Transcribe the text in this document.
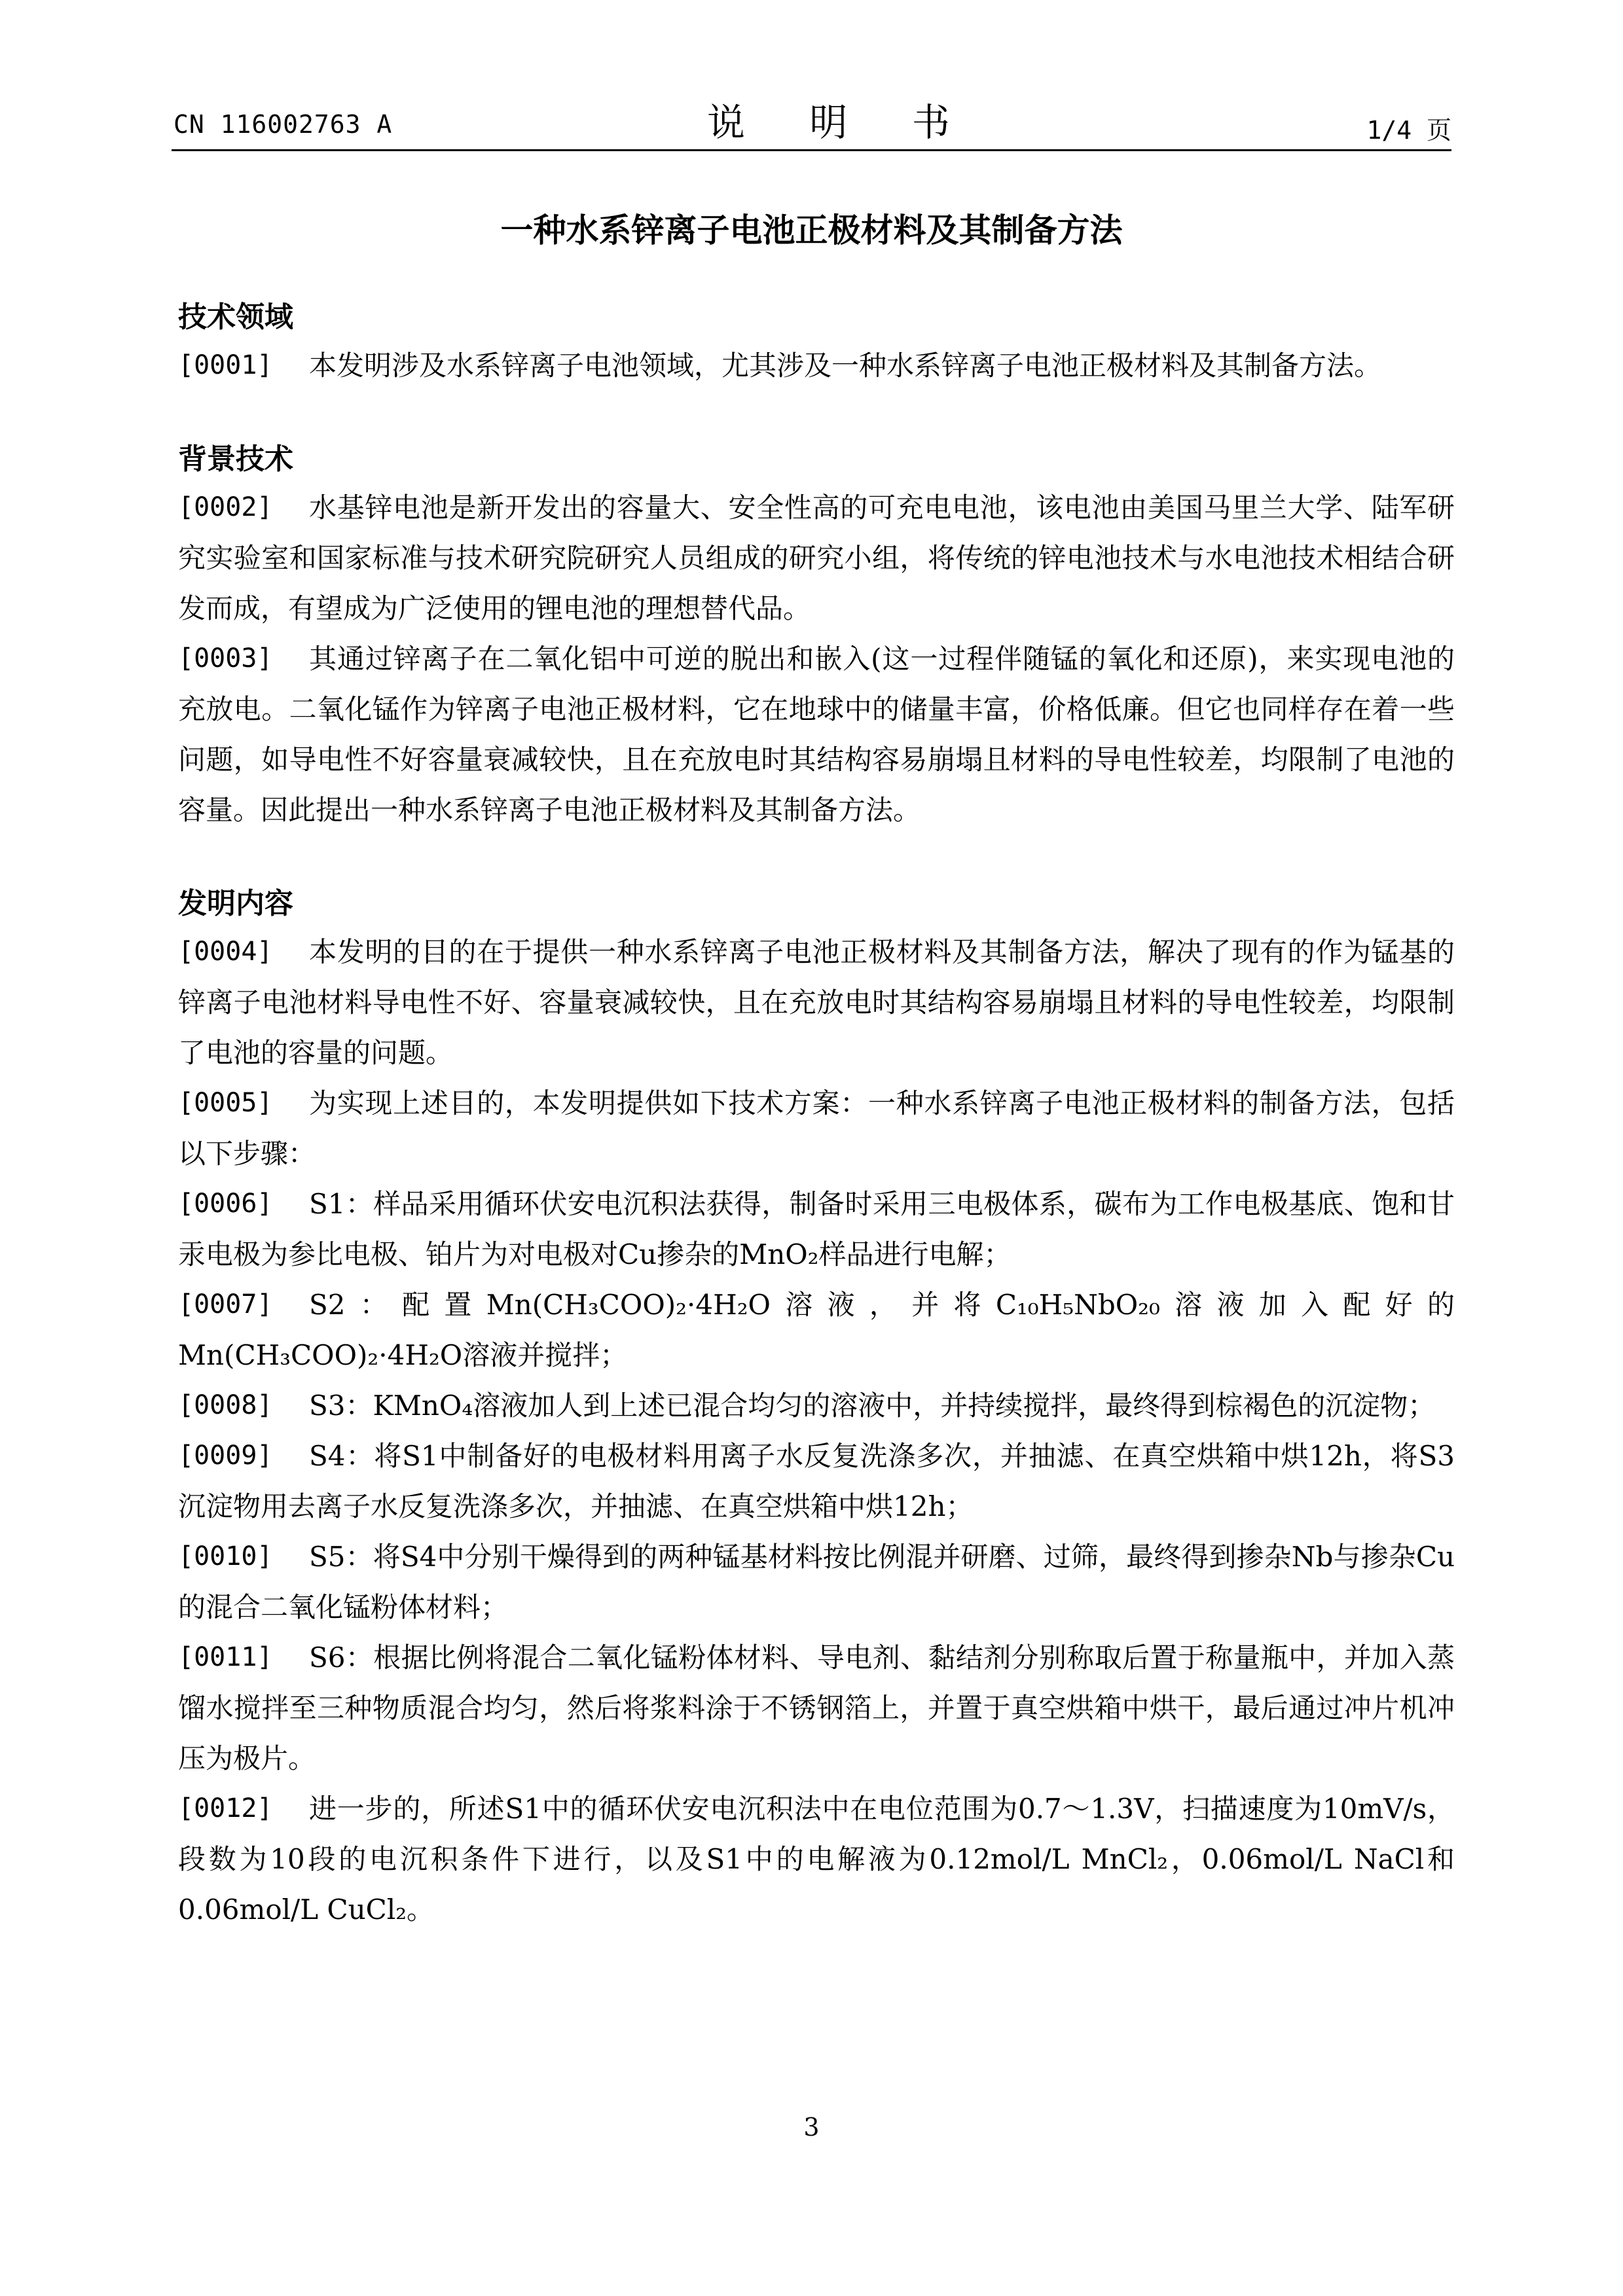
CN 116002763 A	说 明 书	1/4 页
一种水系锌离子电池正极材料及其制备方法
技术领域

[0001] 本发明涉及水系锌离子电池领域，尤其涉及一种水系锌离子电池正极材料及其制备方法。

背景技术

[0002] 水基锌电池是新开发出的容量大、安全性高的可充电电池，该电池由美国马里兰大学、陆军研究实验室和国家标准与技术研究院研究人员组成的研究小组，将传统的锌电池技术与水电池技术相结合研发而成，有望成为广泛使用的锂电池的理想替代品。

[0003] 其通过锌离子在二氧化铝中可逆的脱出和嵌入(这一过程伴随锰的氧化和还原)，来实现电池的充放电。二氧化锰作为锌离子电池正极材料，它在地球中的储量丰富，价格低廉。但它也同样存在着一些问题，如导电性不好容量衰减较快，且在充放电时其结构容易崩塌且材料的导电性较差，均限制了电池的容量。因此提出一种水系锌离子电池正极材料及其制备方法。

发明内容

[0004] 本发明的目的在于提供一种水系锌离子电池正极材料及其制备方法，解决了现有的作为锰基的锌离子电池材料导电性不好、容量衰减较快，且在充放电时其结构容易崩塌且材料的导电性较差，均限制了电池的容量的问题。

[0005] 为实现上述目的，本发明提供如下技术方案：一种水系锌离子电池正极材料的制备方法，包括以下步骤：

[0006] S1：样品采用循环伏安电沉积法获得，制备时采用三电极体系，碳布为工作电极基底、饱和甘汞电极为参比电极、铂片为对电极对Cu掺杂的MnO₂样品进行电解；

[0007] S2：配置Mn(CH₃COO)₂·4H₂O溶液，并将C₁₀H₅NbO₂₀溶液加入配好的Mn(CH₃COO)₂·4H₂O溶液并搅拌；

[0008] S3：KMnO₄溶液加人到上述已混合均匀的溶液中，并持续搅拌，最终得到棕褐色的沉淀物；

[0009] S4：将S1中制备好的电极材料用离子水反复洗涤多次，并抽滤、在真空烘箱中烘12h，将S3沉淀物用去离子水反复洗涤多次，并抽滤、在真空烘箱中烘12h；

[0010] S5：将S4中分别干燥得到的两种锰基材料按比例混并研磨、过筛，最终得到掺杂Nb与掺杂Cu的混合二氧化锰粉体材料；

[0011] S6：根据比例将混合二氧化锰粉体材料、导电剂、黏结剂分别称取后置于称量瓶中，并加入蒸馏水搅拌至三种物质混合均匀，然后将浆料涂于不锈钢箔上，并置于真空烘箱中烘干，最后通过冲片机冲压为极片。

[0012] 进一步的，所述S1中的循环伏安电沉积法中在电位范围为0.7～1.3V，扫描速度为10mV/s，段数为10段的电沉积条件下进行，以及S1中的电解液为0.12mol/L MnCl₂，0.06mol/L NaCl和0.06mol/L CuCl₂。

3
